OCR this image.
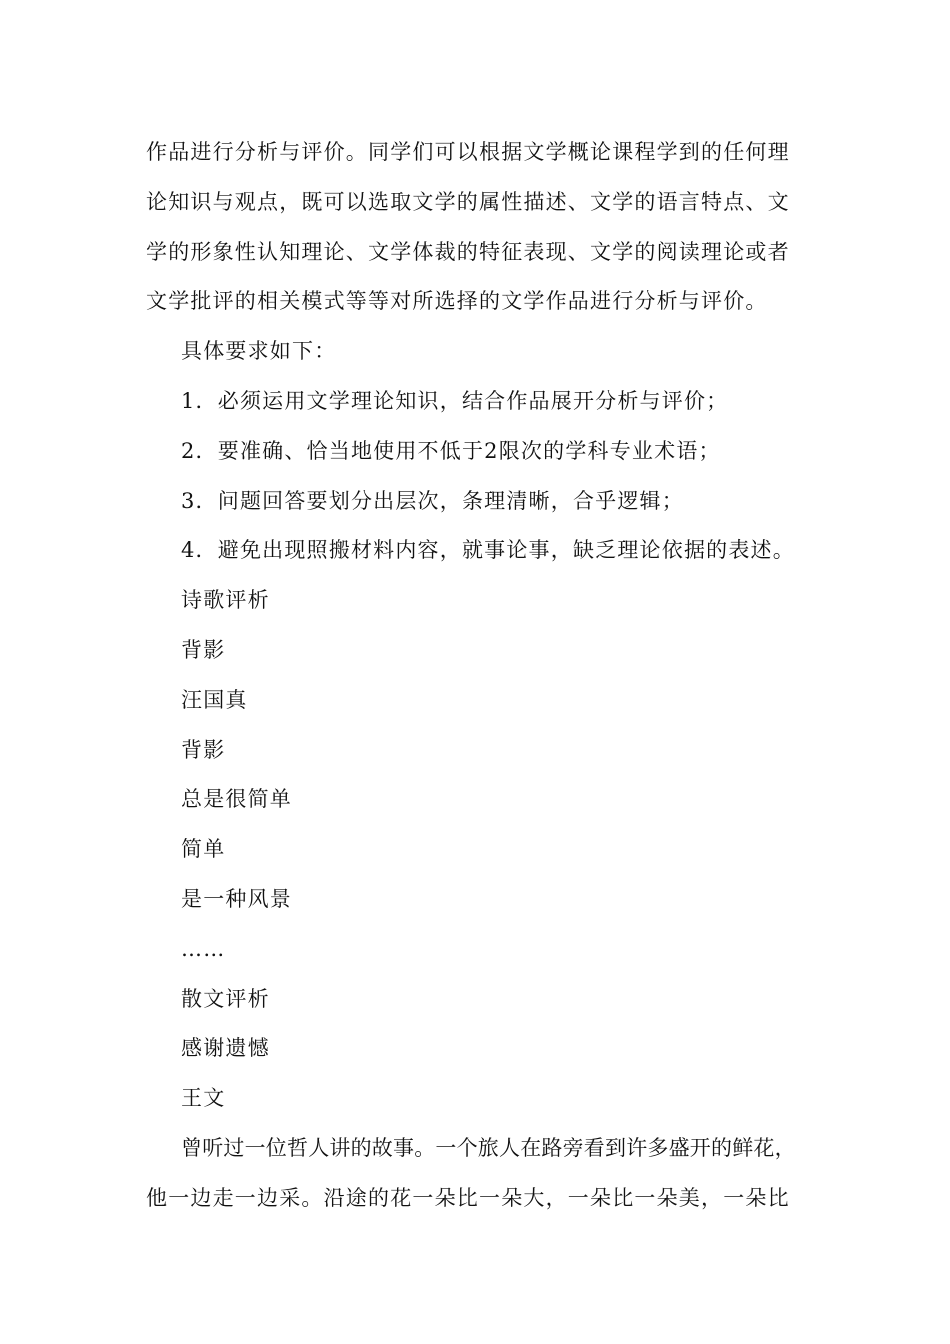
作品进行分析与评价。同学们可以根据文学概论课程学到的任何理
论知识与观点，既可以选取文学的属性描述、文学的语言特点、文
学的形象性认知理论、文学体裁的特征表现、文学的阅读理论或者
文学批评的相关模式等等对所选择的文学作品进行分析与评价。
具体要求如下：
1．必须运用文学理论知识，结合作品展开分析与评价；
2．要准确、恰当地使用不低于2限次的学科专业术语；
3．问题回答要划分出层次，条理清晰，合乎逻辑；
4．避免出现照搬材料内容，就事论事，缺乏理论依据的表述。
诗歌评析
背影
汪国真
背影
总是很简单
简单
是一种风景
……
散文评析
感谢遗憾
王文
曾听过一位哲人讲的故事。一个旅人在路旁看到许多盛开的鲜花，
他一边走一边采。沿途的花一朵比一朵大，一朵比一朵美，一朵比
